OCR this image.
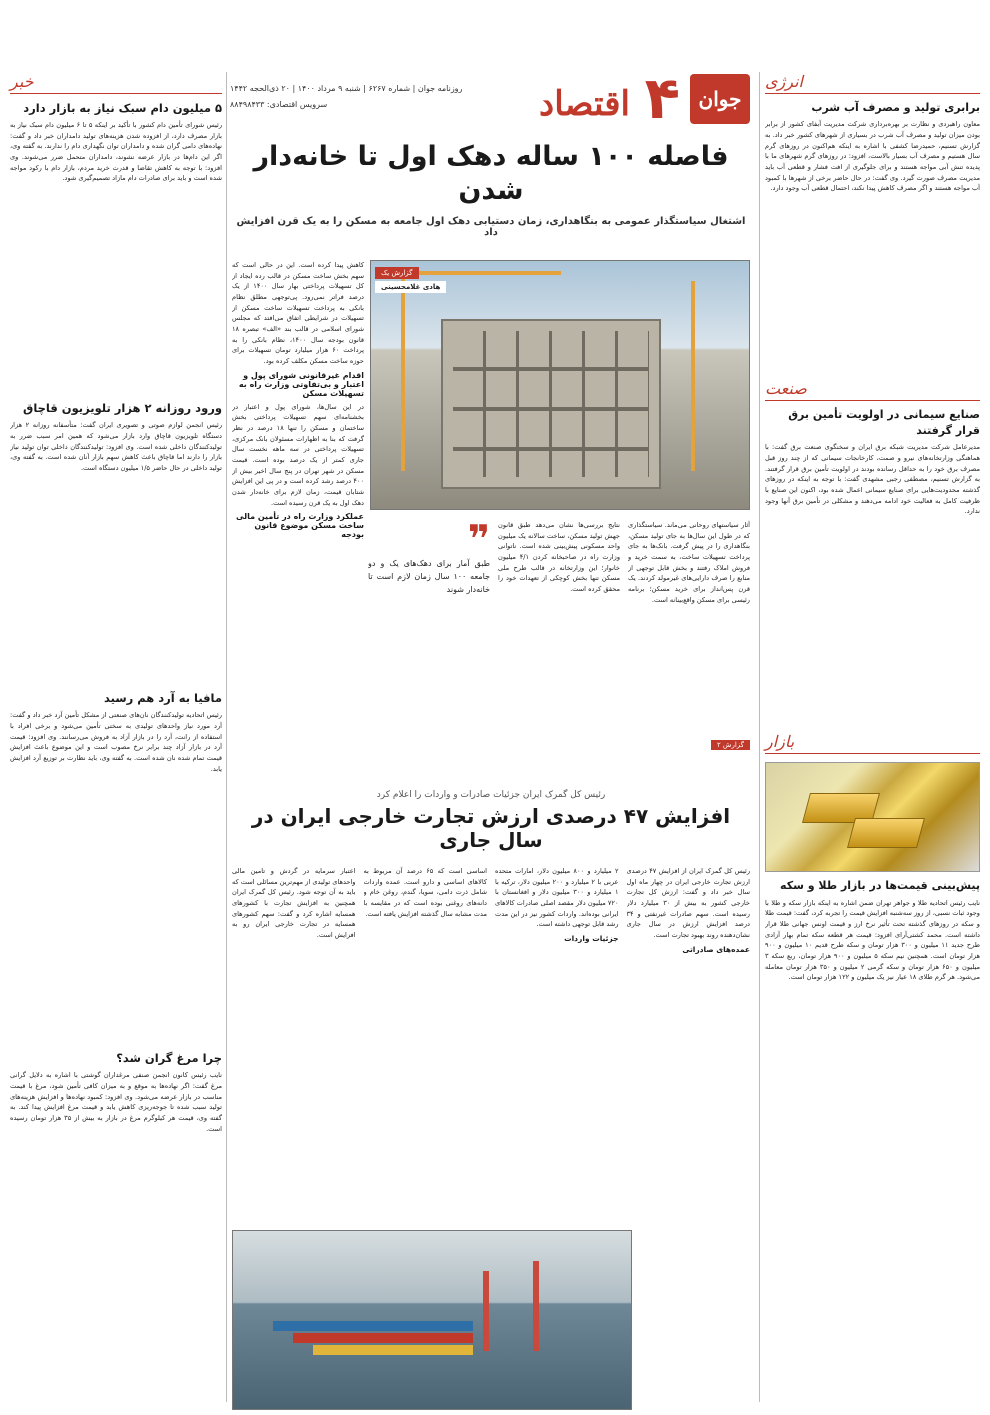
جوان
۴
اقتصاد
روزنامه جوان | شماره ۶۲۶۷ | شنبه ۹ مرداد ۱۴۰۰ | ۲۰ ذی‌الحجه ۱۴۴۲
سرویس اقتصادی: ۸۸۴۹۸۴۳۳
انرژی
برابری تولید و مصرف آب شرب
معاون راهبردی و نظارت بر بهره‌برداری شرکت مدیریت آبفای کشور از برابر بودن میزان تولید و مصرف آب شرب در بسیاری از شهرهای کشور خبر داد. به گزارش تسنیم، حمیدرضا کشفی با اشاره به اینکه هم‌اکنون در روزهای گرم سال هستیم و مصرف آب بسیار بالاست، افزود: در روزهای گرم شهرهای ما با پدیده تنش آبی مواجه هستند و برای جلوگیری از افت فشار و قطعی آب باید مدیریت مصرف صورت گیرد. وی گفت: در حال حاضر برخی از شهرها با کمبود آب مواجه هستند و اگر مصرف کاهش پیدا نکند، احتمال قطعی آب وجود دارد.
صنعت
صنایع سیمانی در اولویت تأمین برق قرار گرفتند
مدیرعامل شرکت مدیریت شبکه برق ایران و سخنگوی صنعت برق گفت: با هماهنگی وزارتخانه‌های نیرو و صمت، کارخانجات سیمانی که از چند روز قبل مصرف برق خود را به حداقل رسانده بودند در اولویت تأمین برق قرار گرفتند. به گزارش تسنیم، مصطفی رجبی مشهدی گفت: با توجه به اینکه در روزهای گذشته محدودیت‌هایی برای صنایع سیمانی اعمال شده بود، اکنون این صنایع با ظرفیت کامل به فعالیت خود ادامه می‌دهند و مشکلی در تأمین برق آنها وجود ندارد.
بازار
پیش‌بینی قیمت‌ها در بازار طلا و سکه
نایب رئیس اتحادیه طلا و جواهر تهران ضمن اشاره به اینکه بازار سکه و طلا با وجود ثبات نسبی، از روز سه‌شنبه افزایش قیمت را تجربه کرد، گفت: قیمت طلا و سکه در روزهای گذشته تحت تأثیر نرخ ارز و قیمت اونس جهانی طلا قرار داشته است. محمد کشتی‌آرای افزود: قیمت هر قطعه سکه تمام بهار آزادی طرح جدید ۱۱ میلیون و ۳۰۰ هزار تومان و سکه طرح قدیم ۱۰ میلیون و ۹۰۰ هزار تومان است. همچنین نیم سکه ۵ میلیون و ۹۰۰ هزار تومان، ربع سکه ۳ میلیون و ۶۵۰ هزار تومان و سکه گرمی ۲ میلیون و ۳۵۰ هزار تومان معامله می‌شود. هر گرم طلای ۱۸ عیار نیز یک میلیون و ۱۲۲ هزار تومان است.
خبر
۵ میلیون دام سبک نیاز به بازار دارد
رئیس شورای تأمین دام کشور با تأکید بر اینکه ۵ تا ۶ میلیون دام سبک نیاز به بازار مصرف دارد، از افزوده شدن هزینه‌های تولید دامداران خبر داد و گفت: نهاده‌های دامی گران شده و دامداران توان نگهداری دام را ندارند. به گفته وی، اگر این دام‌ها در بازار عرضه نشوند، دامداران متحمل ضرر می‌شوند. وی افزود: با توجه به کاهش تقاضا و قدرت خرید مردم، بازار دام با رکود مواجه شده است و باید برای صادرات دام مازاد تصمیم‌گیری شود.
ورود روزانه ۲ هزار تلویزیون قاچاق
رئیس انجمن لوازم صوتی و تصویری ایران گفت: متأسفانه روزانه ۲ هزار دستگاه تلویزیون قاچاق وارد بازار می‌شود که همین امر سبب ضرر به تولیدکنندگان داخلی شده است. وی افزود: تولیدکنندگان داخلی توان تولید نیاز بازار را دارند اما قاچاق باعث کاهش سهم بازار آنان شده است. به گفته وی، تولید داخلی در حال حاضر ۱/۵ میلیون دستگاه است.
مافیا به آرد هم رسید
رئیس اتحادیه تولیدکنندگان نان‌های صنعتی از مشکل تأمین آرد خبر داد و گفت: آرد مورد نیاز واحدهای تولیدی به سختی تأمین می‌شود و برخی افراد با استفاده از رانت، آرد را در بازار آزاد به فروش می‌رسانند. وی افزود: قیمت آرد در بازار آزاد چند برابر نرخ مصوب است و این موضوع باعث افزایش قیمت تمام شده نان شده است. به گفته وی، باید نظارت بر توزیع آرد افزایش یابد.
چرا مرغ گران شد؟
نایب رئیس کانون انجمن صنفی مرغداران گوشتی با اشاره به دلایل گرانی مرغ گفت: اگر نهاده‌ها به موقع و به میزان کافی تأمین شود، مرغ با قیمت مناسب در بازار عرضه می‌شود. وی افزود: کمبود نهاده‌ها و افزایش هزینه‌های تولید سبب شده تا جوجه‌ریزی کاهش یابد و قیمت مرغ افزایش پیدا کند. به گفته وی، قیمت هر کیلوگرم مرغ در بازار به بیش از ۳۵ هزار تومان رسیده است.
فاصله ۱۰۰ ساله دهک اول تا خانه‌دار شدن
اشتغال سیاستگذار عمومی به بنگاهداری، زمان دستیابی دهک اول جامعه به مسکن را به یک قرن افزایش داد
گزارش یک
هادی غلامحسینی
کاهش پیدا کرده است. این در حالی است که سهم بخش ساخت مسکن در قالب رده ایجاد از کل تسهیلات پرداختی بهار سال ۱۴۰۰ از یک درصد فراتر نمی‌رود. پی‌توجهی مطلق نظام بانکی به پرداخت تسهیلات ساخت مسکن از تسهیلات در شرایطی اتفاق می‌افتد که مجلس شورای اسلامی در قالب بند «الف» تبصره ۱۸ قانون بودجه سال ۱۴۰۰، نظام بانکی را به پرداخت ۶۰ هزار میلیارد تومان تسهیلات برای حوزه ساخت مسکن مکلف کرده بود.
اقدام غیرقانونی شورای پول و اعتبار و بی‌تفاوتی وزارت راه به تسهیلات مسکن
در این سال‌ها، شورای پول و اعتبار در بخشنامه‌ای سهم تسهیلات پرداختی بخش ساختمان و مسکن را تنها ۱۸ درصد در نظر گرفت که بنا به اظهارات مسئولان بانک مرکزی، تسهیلات پرداختی در سه ماهه نخست سال جاری کمتر از یک درصد بوده است. قیمت مسکن در شهر تهران در پنج سال اخیر بیش از ۴۰۰ درصد رشد کرده است و در پی این افزایش شتابان قیمت، زمان لازم برای خانه‌دار شدن دهک اول به یک قرن رسیده است.
عملکرد وزارت راه در تأمین مالی ساخت مسکن موضوع قانون بودجه
آثار سیاستهای روحانی می‌ماند. سیاستگذاری که در طول این سال‌ها به جای تولید مسکن، بنگاهداری را در پیش گرفت. بانک‌ها به جای پرداخت تسهیلات ساخت، به سمت خرید و فروش املاک رفتند و بخش قابل توجهی از منابع را صرف دارایی‌های غیرمولد کردند. یک قرن پس‌انداز برای خرید مسکن؛ برنامه رئیسی برای مسکن واقع‌بینانه است.
نتایج بررسی‌ها نشان می‌دهد طبق قانون جهش تولید مسکن، ساخت سالانه یک میلیون واحد مسکونی پیش‌بینی شده است. ناتوانی وزارت راه در صاحبخانه کردن ۴/۱ میلیون خانوار؛ این وزارتخانه در قالب طرح ملی مسکن تنها بخش کوچکی از تعهدات خود را محقق کرده است.
❞
طبق آمار برای دهک‌های یک و دو جامعه ۱۰۰ سال زمان لازم است تا خانه‌دار شوند
رئیس کل گمرک ایران جزئیات صادرات و واردات را اعلام کرد
افزایش ۴۷ درصدی ارزش تجارت خارجی ایران در سال جاری
گزارش ۲
رئیس کل گمرک ایران از افزایش ۴۷ درصدی ارزش تجارت خارجی ایران در چهار ماه اول سال خبر داد و گفت: ارزش کل تجارت خارجی کشور به بیش از ۳۰ میلیارد دلار رسیده است. سهم صادرات غیرنفتی و ۳۴ درصد افزایش ارزش در سال جاری نشان‌دهنده روند بهبود تجارت است.
عمده‌های صادراتی
۲ میلیارد و ۸۰۰ میلیون دلار، امارات متحده عربی با ۲ میلیارد و ۲۰۰ میلیون دلار، ترکیه با ۱ میلیارد و ۳۰۰ میلیون دلار و افغانستان با ۷۲۰ میلیون دلار مقصد اصلی صادرات کالاهای ایرانی بوده‌اند. واردات کشور نیز در این مدت رشد قابل توجهی داشته است.
جزئیات واردات
اساسی است که ۶۵ درصد آن مربوط به کالاهای اساسی و دارو است. عمده واردات شامل ذرت دامی، سویا، گندم، روغن خام و دانه‌های روغنی بوده است که در مقایسه با مدت مشابه سال گذشته افزایش یافته است.
اعتبار سرمایه در گردش و تامین مالی واحدهای تولیدی از مهم‌ترین مسائلی است که باید به آن توجه شود. رئیس کل گمرک ایران همچنین به افزایش تجارت با کشورهای همسایه اشاره کرد و گفت: سهم کشورهای همسایه در تجارت خارجی ایران رو به افزایش است.
